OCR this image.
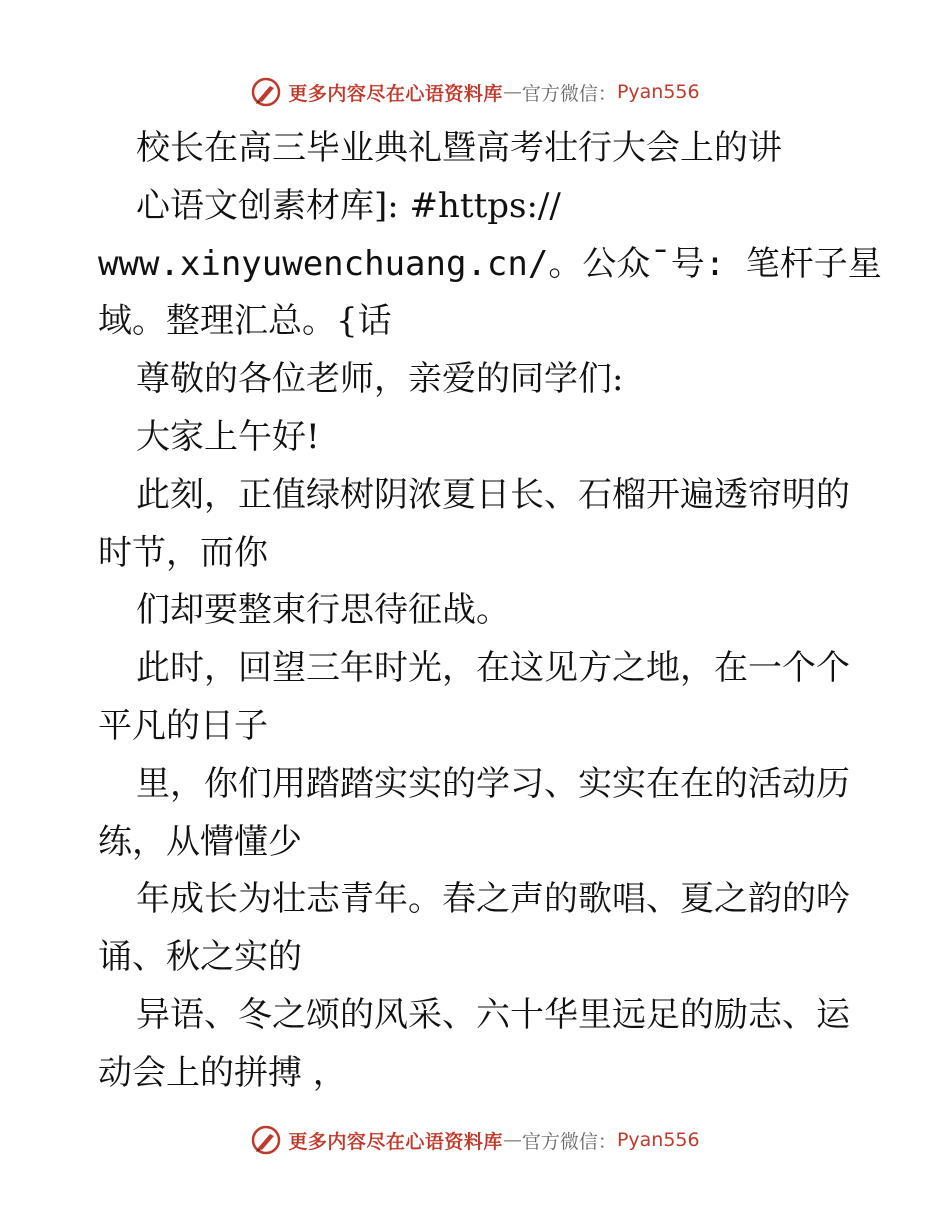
更多内容尽在心语资料库 — 官方微信： Pyan556
校长在高三毕业典礼暨高考壮行大会上的讲
心语文创素材库]: #https://
www.xinyuwenchuang.cn/。公众¯号: 笔杆子星
域。整理汇总。{话
尊敬的各位老师，亲爱的同学们:
大家上午好!
此刻，正值绿树阴浓夏日长、石榴开遍透帘明的
时节，而你
们却要整束行思待征战。
此时，回望三年时光，在这见方之地，在一个个
平凡的日子
里，你们用踏踏实实的学习、实实在在的活动历
练，从懵懂少
年成长为壮志青年。春之声的歌唱、夏之韵的吟
诵、秋之实的
异语、冬之颂的风采、六十华里远足的励志、运
动会上的拼搏 ，
更多内容尽在心语资料库 — 官方微信： Pyan556
